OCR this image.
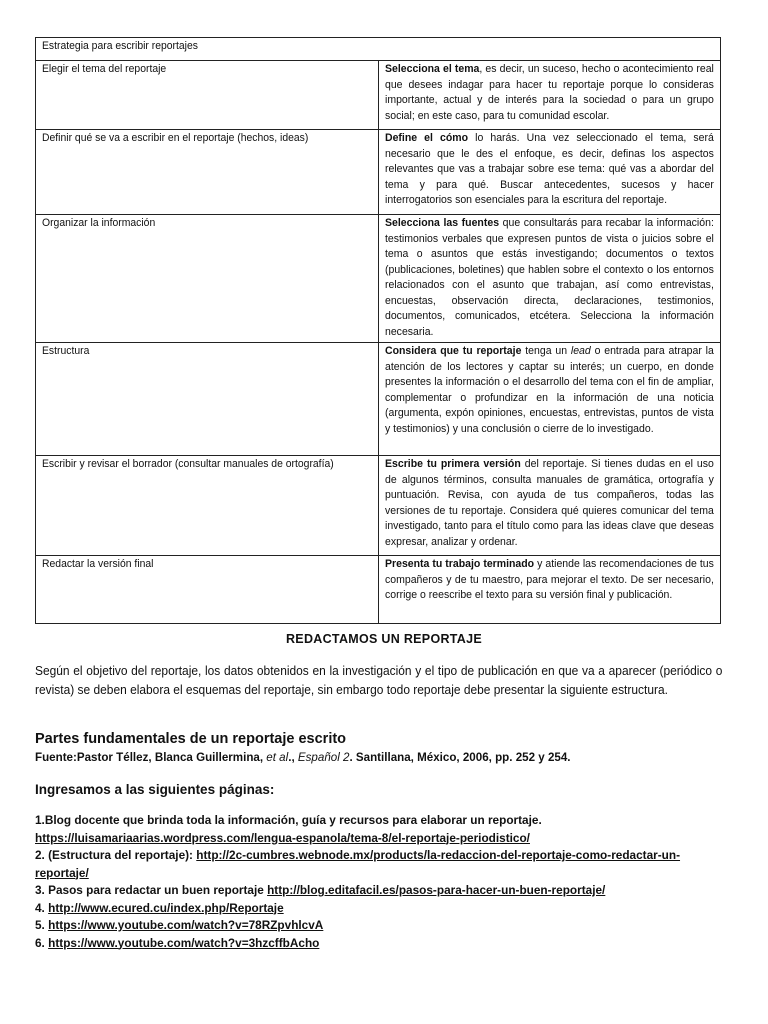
Estrategia para escribir reportajes	

Elegir el tema del reportaje	Selecciona el tema, es decir, un suceso, hecho o acontecimiento real que desees indagar para hacer tu reportaje porque lo consideras importante, actual y de interés para la sociedad o para un grupo social; en este caso, para tu comunidad escolar.

Definir qué se va a escribir en el reportaje (hechos, ideas)	Define el cómo lo harás. Una vez seleccionado el tema, será necesario que le des el enfoque, es decir, definas los aspectos relevantes que vas a trabajar sobre ese tema: qué vas a abordar del tema y para qué. Buscar antecedentes, sucesos y hacer interrogatorios son esenciales para la escritura del reportaje.

Organizar la información	Selecciona las fuentes que consultarás para recabar la información: testimonios verbales que expresen puntos de vista o juicios sobre el tema o asuntos que estás investigando; documentos o textos (publicaciones, boletines) que hablen sobre el contexto o los entornos relacionados con el asunto que trabajan, así como entrevistas, encuestas, observación directa, declaraciones, testimonios, documentos, comunicados, etcétera. Selecciona la información necesaria.

Estructura	Considera que tu reportaje tenga un lead o entrada para atrapar la atención de los lectores y captar su interés; un cuerpo, en donde presentes la información o el desarrollo del tema con el fin de ampliar, complementar o profundizar en la información de una noticia (argumenta, expón opiniones, encuestas, entrevistas, puntos de vista y testimonios) y una conclusión o cierre de lo investigado.

Escribir y revisar el borrador (consultar manuales de ortografía)	Escribe tu primera versión del reportaje. Si tienes dudas en el uso de algunos términos, consulta manuales de gramática, ortografía y puntuación. Revisa, con ayuda de tus compañeros, todas las versiones de tu reportaje. Considera qué quieres comunicar del tema investigado, tanto para el título como para las ideas clave que deseas expresar, analizar y ordenar.

Redactar la versión final	Presenta tu trabajo terminado y atiende las recomendaciones de tus compañeros y de tu maestro, para mejorar el texto. De ser necesario, corrige o reescribe el texto para su versión final y publicación.
REDACTAMOS UN REPORTAJE
Según el objetivo del reportaje, los datos obtenidos en la investigación y el tipo de publicación en que va a aparecer (periódico o revista) se deben elabora el esquemas del reportaje, sin embargo todo reportaje debe presentar la siguiente estructura.
Partes fundamentales de un reportaje escrito
Fuente:Pastor Téllez, Blanca Guillermina, et al., Español 2. Santillana, México, 2006, pp. 252 y 254.
Ingresamos a las siguientes páginas:
1.Blog docente que brinda toda la información, guía y recursos para elaborar un reportaje.
https://luisamariaarias.wordpress.com/lengua-espanola/tema-8/el-reportaje-periodistico/
2. (Estructura del reportaje): http://2c-cumbres.webnode.mx/products/la-redaccion-del-reportaje-como-redactar-un-reportaje/
3. Pasos para redactar un buen reportaje http://blog.editafacil.es/pasos-para-hacer-un-buen-reportaje/
4. http://www.ecured.cu/index.php/Reportaje
5. https://www.youtube.com/watch?v=78RZpvhlcvA
6. https://www.youtube.com/watch?v=3hzcffbAcho
